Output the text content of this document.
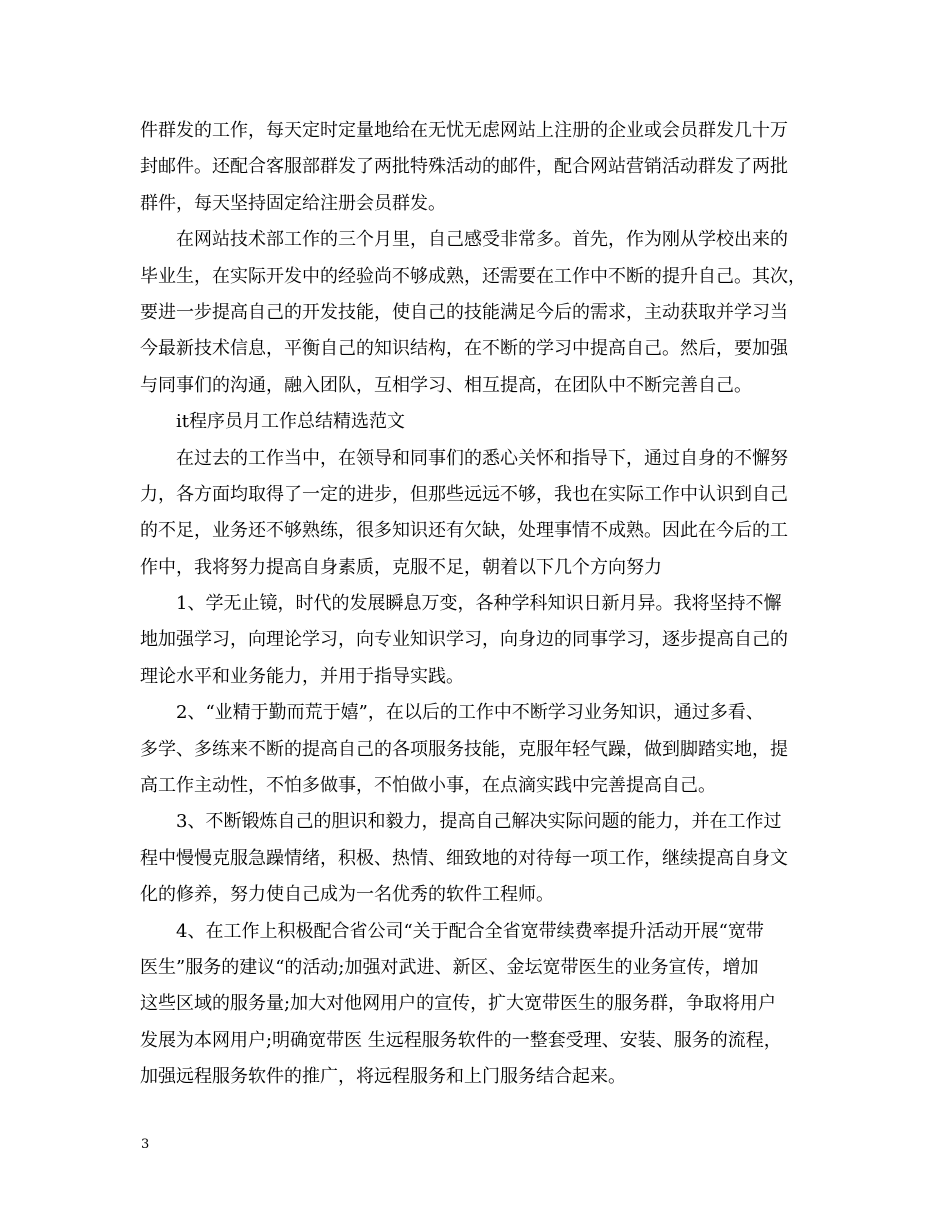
件群发的工作，每天定时定量地给在无忧无虑网站上注册的企业或会员群发几十万
封邮件。还配合客服部群发了两批特殊活动的邮件，配合网站营销活动群发了两批
群件，每天坚持固定给注册会员群发。
在网站技术部工作的三个月里，自己感受非常多。首先，作为刚从学校出来的
毕业生，在实际开发中的经验尚不够成熟，还需要在工作中不断的提升自己。其次，
要进一步提高自己的开发技能，使自己的技能满足今后的需求，主动获取并学习当
今最新技术信息，平衡自己的知识结构，在不断的学习中提高自己。然后，要加强
与同事们的沟通，融入团队，互相学习、相互提高，在团队中不断完善自己。
it程序员月工作总结精选范文
在过去的工作当中，在领导和同事们的悉心关怀和指导下，通过自身的不懈努
力，各方面均取得了一定的进步，但那些远远不够，我也在实际工作中认识到自己
的不足，业务还不够熟练，很多知识还有欠缺，处理事情不成熟。因此在今后的工
作中，我将努力提高自身素质，克服不足，朝着以下几个方向努力
1、学无止镜，时代的发展瞬息万变，各种学科知识日新月异。我将坚持不懈
地加强学习，向理论学习，向专业知识学习，向身边的同事学习，逐步提高自己的
理论水平和业务能力，并用于指导实践。
2、“业精于勤而荒于嬉”，在以后的工作中不断学习业务知识，通过多看、
多学、多练来不断的提高自己的各项服务技能，克服年轻气躁，做到脚踏实地，提
高工作主动性，不怕多做事，不怕做小事，在点滴实践中完善提高自己。
3、不断锻炼自己的胆识和毅力，提高自己解决实际问题的能力，并在工作过
程中慢慢克服急躁情绪，积极、热情、细致地的对待每一项工作，继续提高自身文
化的修养，努力使自己成为一名优秀的软件工程师。
4、在工作上积极配合省公司“关于配合全省宽带续费率提升活动开展“宽带
医生”服务的建议“的活动;加强对武进、新区、金坛宽带医生的业务宣传，增加
这些区域的服务量;加大对他网用户的宣传，扩大宽带医生的服务群，争取将用户
发展为本网用户;明确宽带医 生远程服务软件的一整套受理、安装、服务的流程，
加强远程服务软件的推广，将远程服务和上门服务结合起来。
3
